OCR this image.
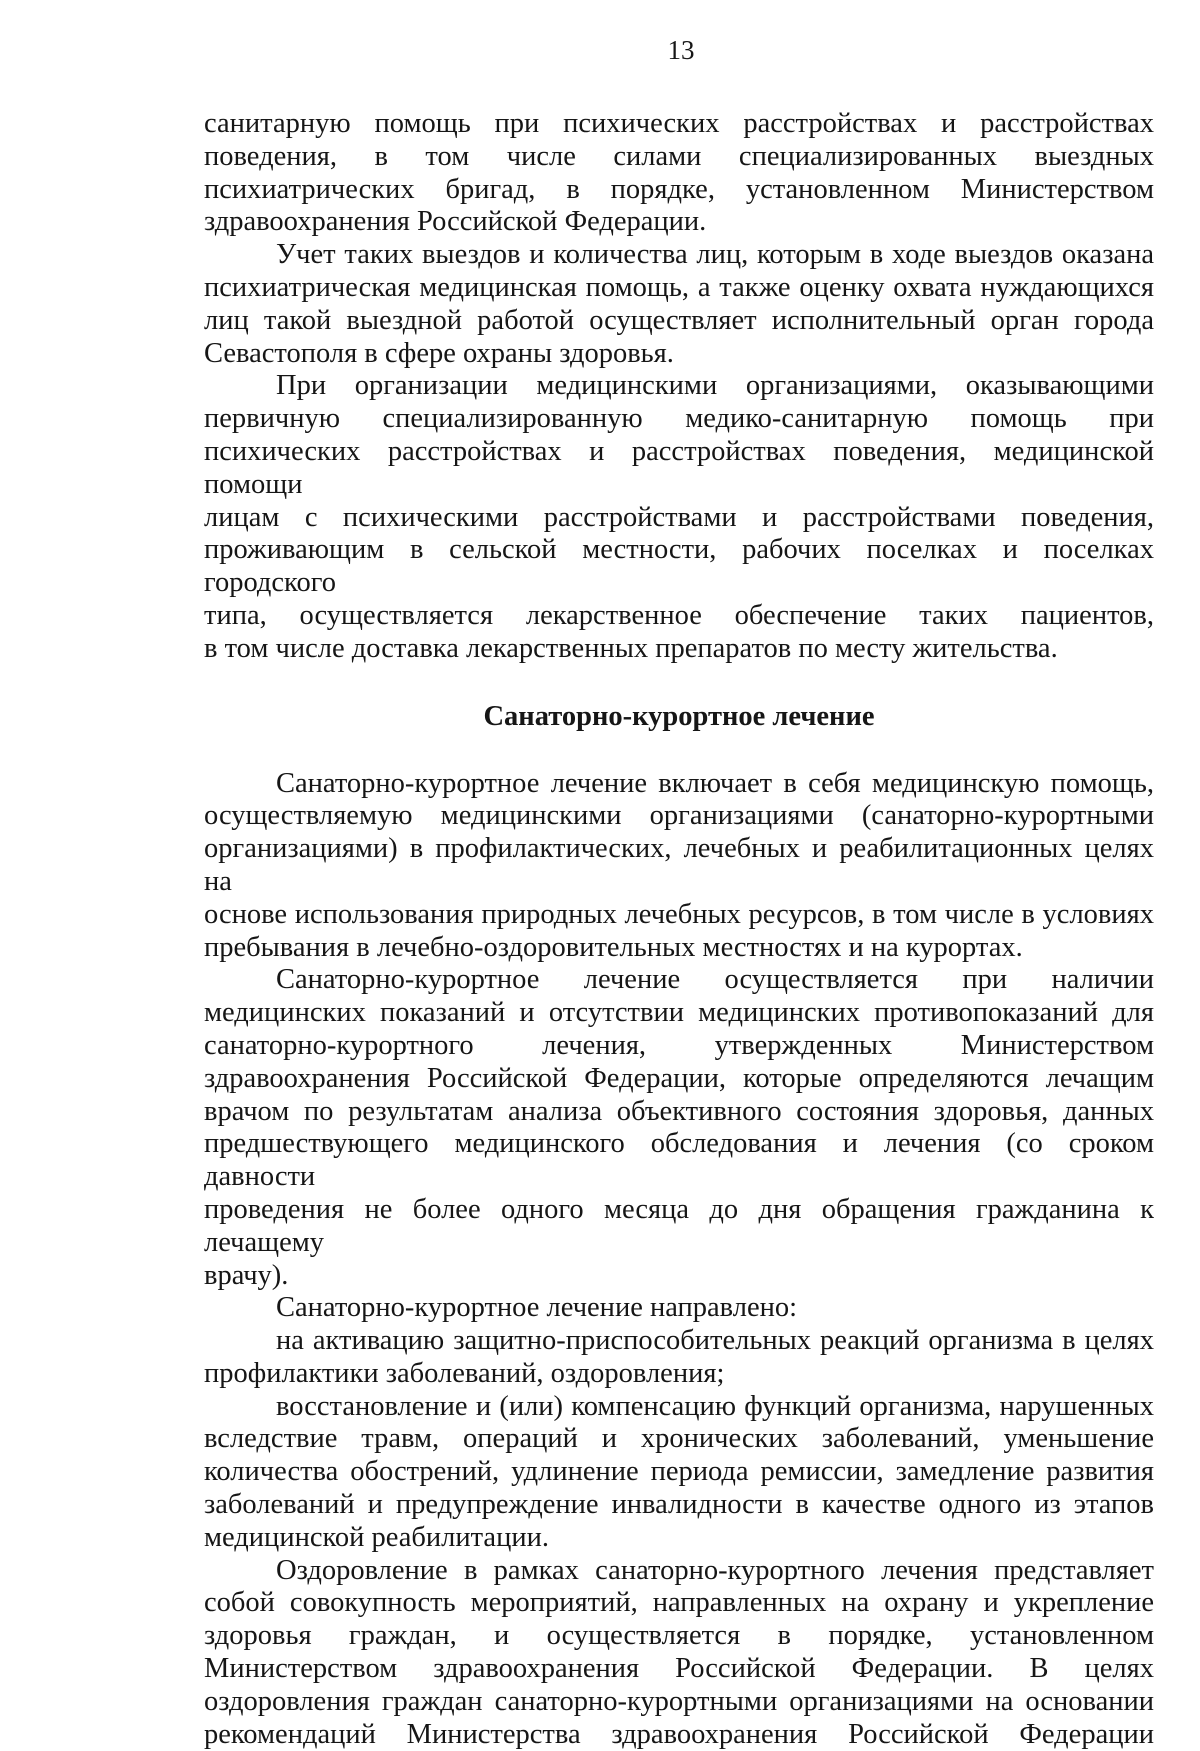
13
санитарную помощь при психических расстройствах и расстройствах
поведения, в том числе силами специализированных выездных
психиатрических бригад, в порядке, установленном Министерством
здравоохранения Российской Федерации.
Учет таких выездов и количества лиц, которым в ходе выездов оказана
психиатрическая медицинская помощь, а также оценку охвата нуждающихся
лиц такой выездной работой осуществляет исполнительный орган города
Севастополя в сфере охраны здоровья.
При организации медицинскими организациями, оказывающими
первичную специализированную медико-санитарную помощь при
психических расстройствах и расстройствах поведения, медицинской помощи
лицам с психическими расстройствами и расстройствами поведения,
проживающим в сельской местности, рабочих поселках и поселках городского
типа, осуществляется лекарственное обеспечение таких пациентов,
в том числе доставка лекарственных препаратов по месту жительства.
Санаторно-курортное лечение
Санаторно-курортное лечение включает в себя медицинскую помощь,
осуществляемую медицинскими организациями (санаторно-курортными
организациями) в профилактических, лечебных и реабилитационных целях на
основе использования природных лечебных ресурсов, в том числе в условиях
пребывания в лечебно-оздоровительных местностях и на курортах.
Санаторно-курортное лечение осуществляется при наличии
медицинских показаний и отсутствии медицинских противопоказаний для
санаторно-курортного лечения, утвержденных Министерством
здравоохранения Российской Федерации, которые определяются лечащим
врачом по результатам анализа объективного состояния здоровья, данных
предшествующего медицинского обследования и лечения (со сроком давности
проведения не более одного месяца до дня обращения гражданина к лечащему
врачу).
Санаторно-курортное лечение направлено:
на активацию защитно-приспособительных реакций организма в целях
профилактики заболеваний, оздоровления;
восстановление и (или) компенсацию функций организма, нарушенных
вследствие травм, операций и хронических заболеваний, уменьшение
количества обострений, удлинение периода ремиссии, замедление развития
заболеваний и предупреждение инвалидности в качестве одного из этапов
медицинской реабилитации.
Оздоровление в рамках санаторно-курортного лечения представляет
собой совокупность мероприятий, направленных на охрану и укрепление
здоровья граждан, и осуществляется в порядке, установленном
Министерством здравоохранения Российской Федерации. В целях
оздоровления граждан санаторно-курортными организациями на основании
рекомендаций Министерства здравоохранения Российской Федерации
